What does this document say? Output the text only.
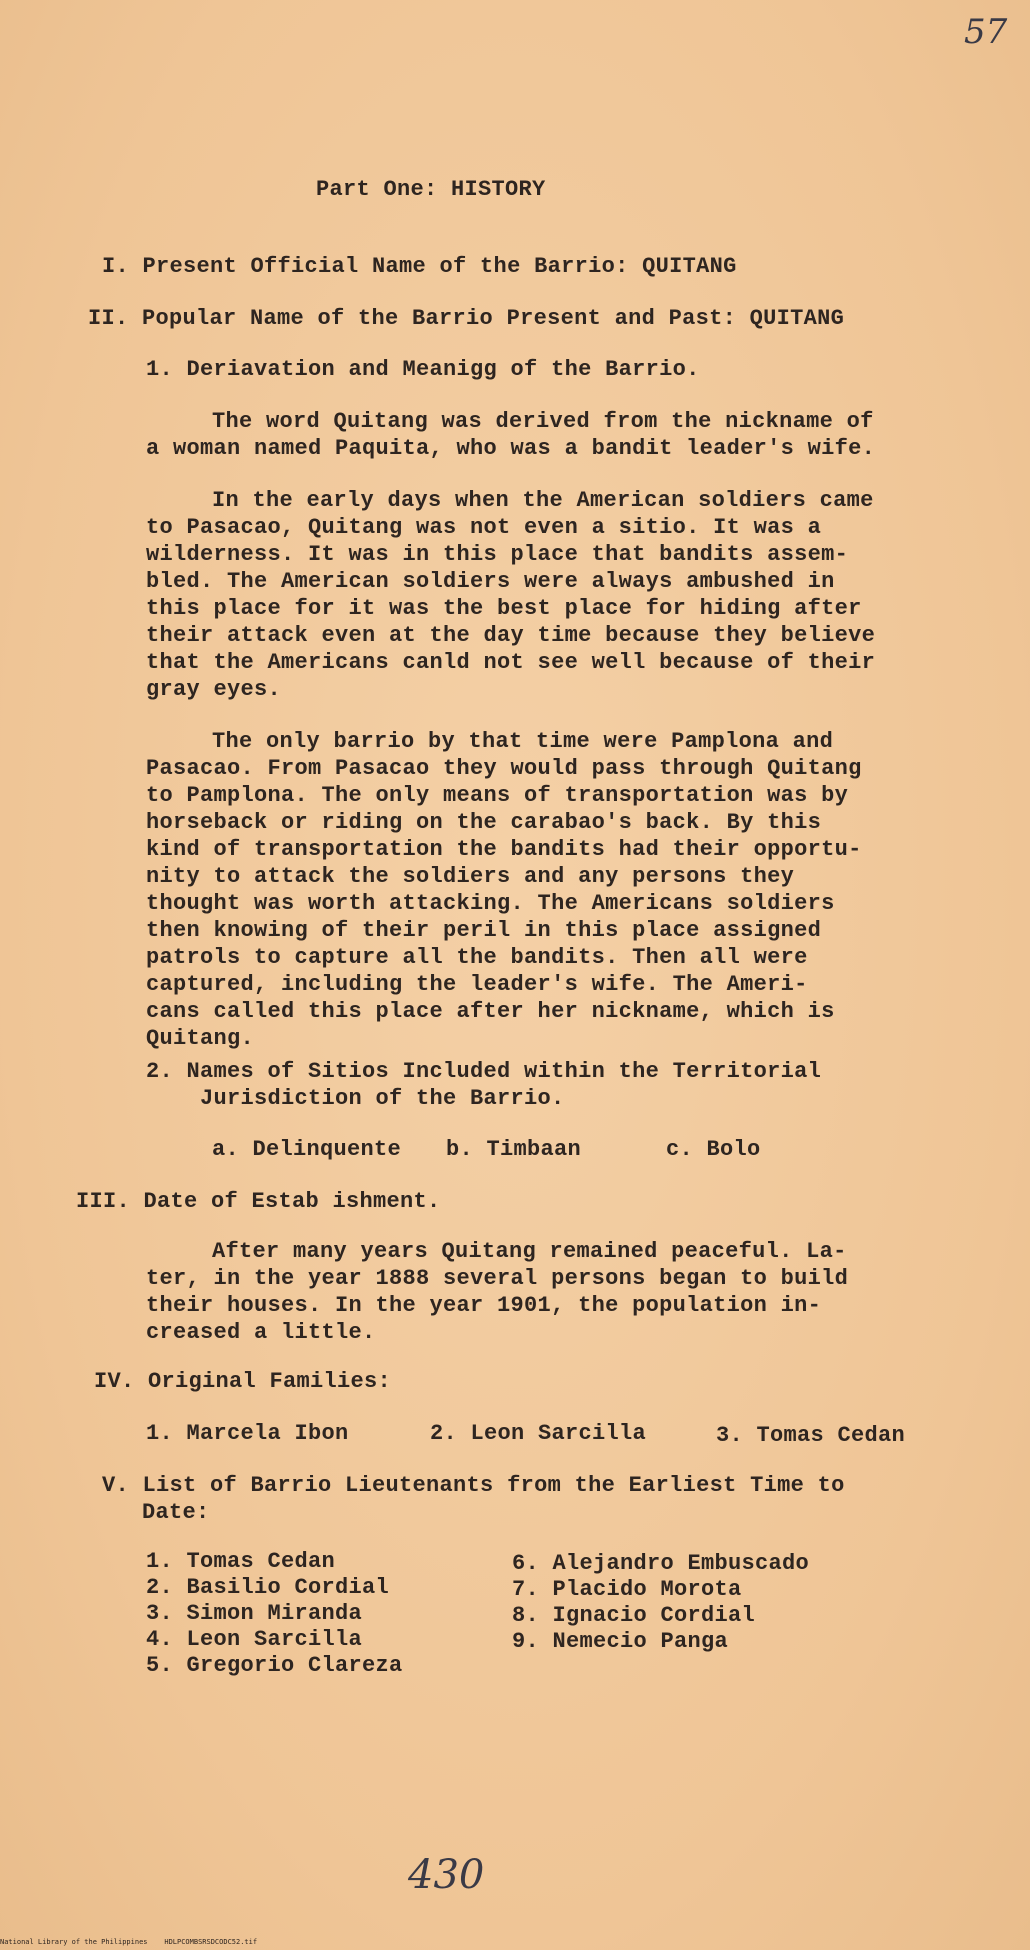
57
Part One: HISTORY
I. Present Official Name of the Barrio: QUITANG
II. Popular Name of the Barrio Present and Past: QUITANG
1. Deriavation and Meanigg of the Barrio.
The word Quitang was derived from the nickname of
a woman named Paquita, who was a bandit leader's wife.
In the early days when the American soldiers came
to Pasacao, Quitang was not even a sitio. It was a
wilderness. It was in this place that bandits assem-
bled. The American soldiers were always ambushed in
this place for it was the best place for hiding after
their attack even at the day time because they believe
that the Americans canld not see well because of their
gray eyes.
The only barrio by that time were Pamplona and
Pasacao. From Pasacao they would pass through Quitang
to Pamplona. The only means of transportation was by
horseback or riding on the carabao's back. By this
kind of transportation the bandits had their opportu-
nity to attack the soldiers and any persons they
thought was worth attacking. The Americans soldiers
then knowing of their peril in this place assigned
patrols to capture all the bandits. Then all were
captured, including the leader's wife. The Ameri-
cans called this place after her nickname, which is
Quitang.
2. Names of Sitios Included within the Territorial
Jurisdiction of the Barrio.
a. Delinquente b. Timbaan	c. Bolo
III. Date of Estab ishment.
After many years Quitang remained peaceful. La-
ter, in the year 1888 several persons began to build
their houses. In the year 1901, the population in-
creased a little.
IV. Original Families:
1. Marcela Ibon	2. Leon Sarcilla	3. Tomas Cedan
V. List of Barrio Lieutenants from the Earliest Time to
Date:
1. Tomas Cedan
2. Basilio Cordial
3. Simon Miranda
4. Leon Sarcilla
5. Gregorio Clareza
6. Alejandro Embuscado
7. Placido Morota
8. Ignacio Cordial
9. Nemecio Panga
430
National Library of the Philippines    HDLPCOMBSRSDCODC52.tif
